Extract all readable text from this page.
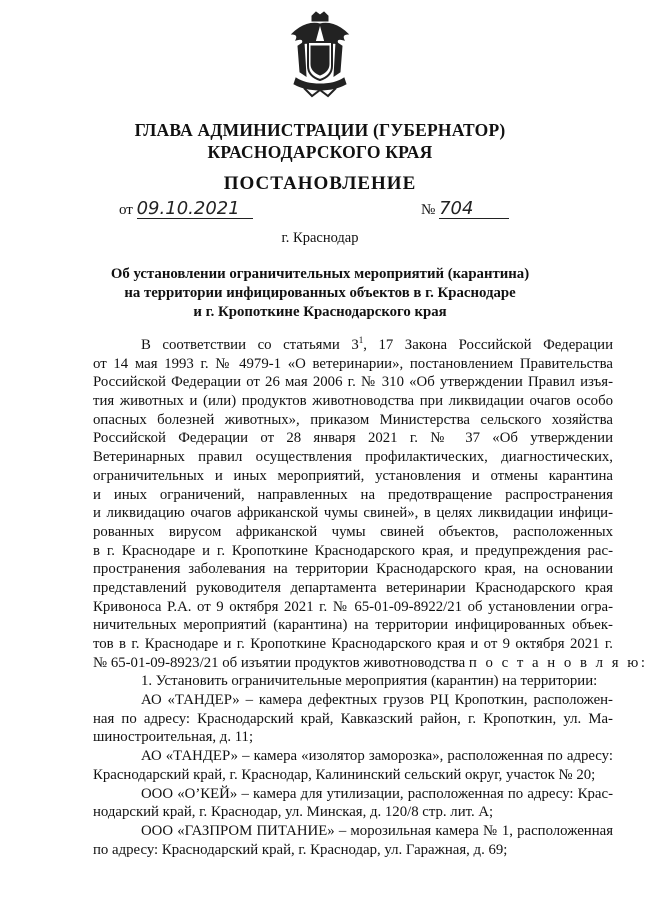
ГЛАВА АДМИНИСТРАЦИИ (ГУБЕРНАТОР)
КРАСНОДАРСКОГО КРАЯ
ПОСТАНОВЛЕНИЕ
от 09.10.2021	№ 704
г. Краснодар
Об установлении ограничительных мероприятий (карантина)
на территории инфицированных объектов в г. Краснодаре
и г. Кропоткине Краснодарского края
В соответствии со статьями $3^1$, 17 Закона Российской Федерации
от 14 мая 1993 г. № 4979-1 «О ветеринарии», постановлением Правительства
Российской Федерации от 26 мая 2006 г. № 310 «Об утверждении Правил изъя-
тия животных и (или) продуктов животноводства при ликвидации очагов особо
опасных болезней животных», приказом Министерства сельского хозяйства
Российской Федерации от 28 января 2021 г. № 37 «Об утверждении
Ветеринарных правил осуществления профилактических, диагностических,
ограничительных и иных мероприятий, установления и отмены карантина
и иных ограничений, направленных на предотвращение распространения
и ликвидацию очагов африканской чумы свиней», в целях ликвидации инфици-
рованных вирусом африканской чумы свиней объектов, расположенных
в г. Краснодаре и г. Кропоткине Краснодарского края, и предупреждения рас-
пространения заболевания на территории Краснодарского края, на основании
представлений руководителя департамента ветеринарии Краснодарского края
Кривоноса Р.А. от 9 октября 2021 г. № 65-01-09-8922/21 об установлении огра-
ничительных мероприятий (карантина) на территории инфицированных объек-
тов в г. Краснодаре и г. Кропоткине Краснодарского края и от 9 октября 2021 г.
№ 65-01-09-8923/21 об изъятии продуктов животноводства п о с т а н о в л я ю:
1. Установить ограничительные мероприятия (карантин) на территории:
АО «ТАНДЕР» – камера дефектных грузов РЦ Кропоткин, расположен-
ная по адресу: Краснодарский край, Кавказский район, г. Кропоткин, ул. Ма-
шиностроительная, д. 11;
АО «ТАНДЕР» – камера «изолятор заморозка», расположенная по адресу:
Краснодарский край, г. Краснодар, Калининский сельский округ, участок № 20;
ООО «О’КЕЙ» – камера для утилизации, расположенная по адресу: Крас-
нодарский край, г. Краснодар, ул. Минская, д. 120/8 стр. лит. А;
ООО «ГАЗПРОМ ПИТАНИЕ» – морозильная камера № 1, расположенная
по адресу: Краснодарский край, г. Краснодар, ул. Гаражная, д. 69;
